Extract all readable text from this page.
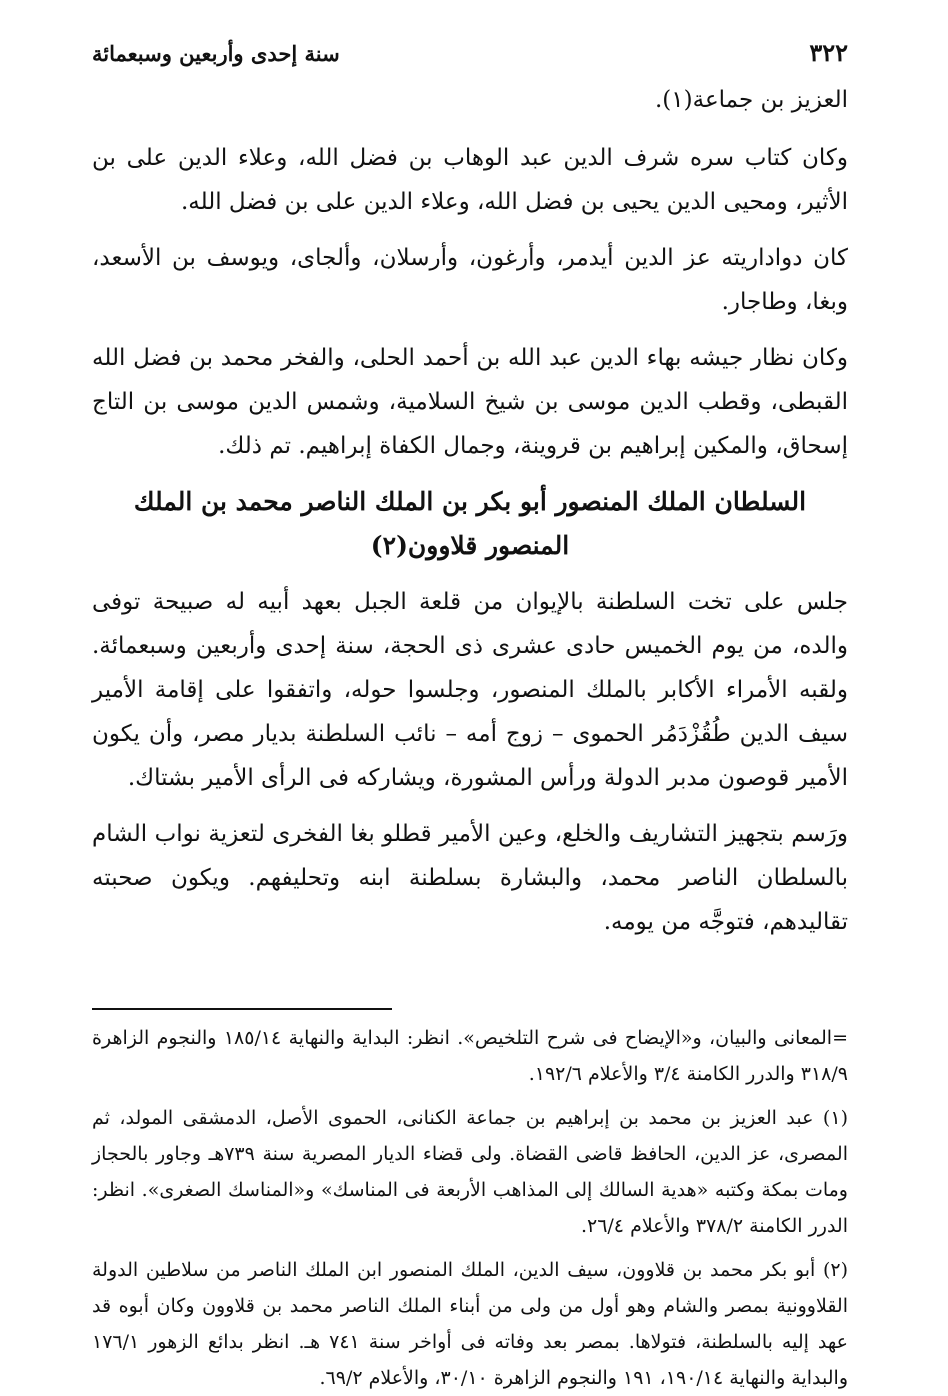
٣٢٢
سنة إحدى وأربعين وسبعمائة

العزيز بن جماعة(١).

وكان كتاب سره شرف الدين عبد الوهاب بن فضل الله، وعلاء الدين على بن الأثير، ومحيى الدين يحيى بن فضل الله، وعلاء الدين على بن فضل الله.

كان دواداريته عز الدين أيدمر، وأرغون، وأرسلان، وألجاى، ويوسف بن الأسعد، وبغا، وطاجار.

وكان نظار جيشه بهاء الدين عبد الله بن أحمد الحلى، والفخر محمد بن فضل الله القبطى، وقطب الدين موسى بن شيخ السلامية، وشمس الدين موسى بن التاج إسحاق، والمكين إبراهيم بن قروينة، وجمال الكفاة إبراهيم. تم ذلك.

السلطان الملك المنصور أبو بكر بن الملك الناصر محمد بن الملك المنصور قلاوون(٢)

جلس على تخت السلطنة بالإيوان من قلعة الجبل بعهد أبيه له صبيحة توفى والده، من يوم الخميس حادى عشرى ذى الحجة، سنة إحدى وأربعين وسبعمائة. ولقبه الأمراء الأكابر بالملك المنصور، وجلسوا حوله، واتفقوا على إقامة الأمير سيف الدين طُقُزْدَمُر الحموى – زوج أمه – نائب السلطنة بديار مصر، وأن يكون الأمير قوصون مدبر الدولة ورأس المشورة، ويشاركه فى الرأى الأمير بشتاك.

ورَسم بتجهيز التشاريف والخلع، وعين الأمير قطلو بغا الفخرى لتعزية نواب الشام بالسلطان الناصر محمد، والبشارة بسلطنة ابنه وتحليفهم. ويكون صحبته تقاليدهم، فتوجَّه من يومه.

=المعانى والبيان، و«الإيضاح فى شرح التلخيص». انظر: البداية والنهاية ١٨٥/١٤ والنجوم الزاهرة ٣١٨/٩ والدرر الكامنة ٣/٤ والأعلام ١٩٢/٦.

(١) عبد العزيز بن محمد بن إبراهيم بن جماعة الكنانى، الحموى الأصل، الدمشقى المولد، ثم المصرى، عز الدين، الحافظ قاضى القضاة. ولى قضاء الديار المصرية سنة ٧٣٩هـ وجاور بالحجاز ومات بمكة وكتبه «هدية السالك إلى المذاهب الأربعة فى المناسك» و«المناسك الصغرى». انظر: الدرر الكامنة ٣٧٨/٢ والأعلام ٢٦/٤.

(٢) أبو بكر محمد بن قلاوون، سيف الدين، الملك المنصور ابن الملك الناصر من سلاطين الدولة القلاوونية بمصر والشام وهو أول من ولى من أبناء الملك الناصر محمد بن قلاوون وكان أبوه قد عهد إليه بالسلطنة، فتولاها. بمصر بعد وفاته فى أواخر سنة ٧٤١ هـ. انظر بدائع الزهور ١٧٦/١ والبداية والنهاية ١٩٠/١٤، ١٩١ والنجوم الزاهرة ٣٠/١٠، والأعلام ٦٩/٢.
